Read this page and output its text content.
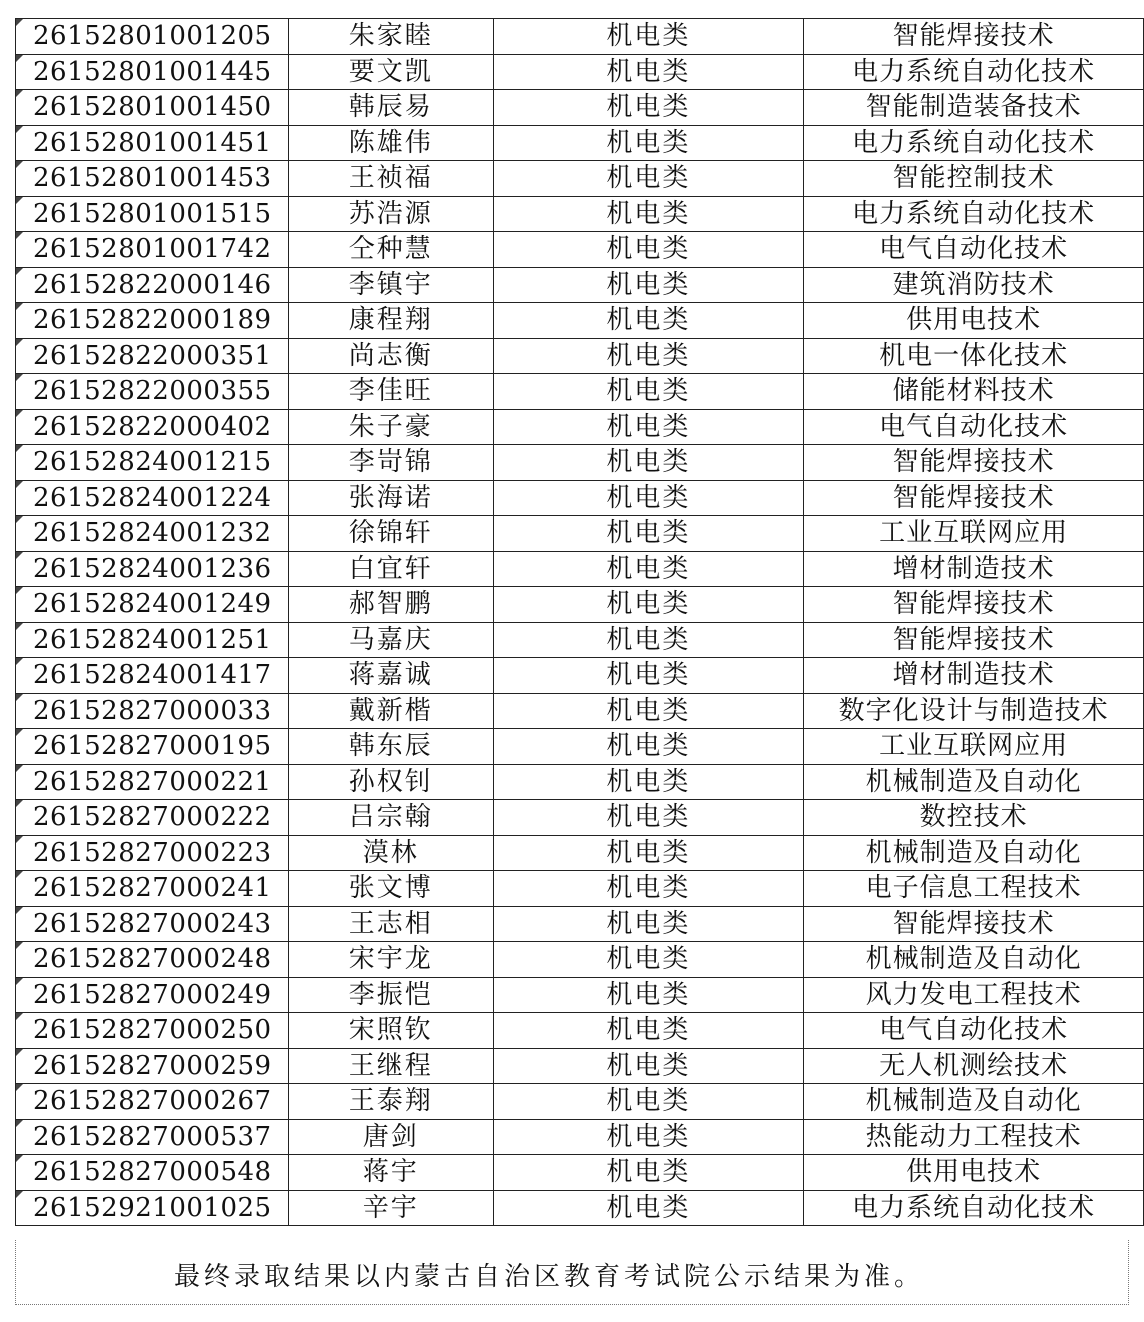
26152801001205	朱家睦	机电类	智能焊接技术
26152801001445	要文凯	机电类	电力系统自动化技术
26152801001450	韩辰易	机电类	智能制造装备技术
26152801001451	陈雄伟	机电类	电力系统自动化技术
26152801001453	王祯福	机电类	智能控制技术
26152801001515	苏浩源	机电类	电力系统自动化技术
26152801001742	仝种慧	机电类	电气自动化技术
26152822000146	李镇宇	机电类	建筑消防技术
26152822000189	康程翔	机电类	供用电技术
26152822000351	尚志衡	机电类	机电一体化技术
26152822000355	李佳旺	机电类	储能材料技术
26152822000402	朱子豪	机电类	电气自动化技术
26152824001215	李岢锦	机电类	智能焊接技术
26152824001224	张海诺	机电类	智能焊接技术
26152824001232	徐锦轩	机电类	工业互联网应用
26152824001236	白宜轩	机电类	增材制造技术
26152824001249	郝智鹏	机电类	智能焊接技术
26152824001251	马嘉庆	机电类	智能焊接技术
26152824001417	蒋嘉诚	机电类	增材制造技术
26152827000033	戴新楷	机电类	数字化设计与制造技术
26152827000195	韩东辰	机电类	工业互联网应用
26152827000221	孙权钊	机电类	机械制造及自动化
26152827000222	吕宗翰	机电类	数控技术
26152827000223	漠林	机电类	机械制造及自动化
26152827000241	张文博	机电类	电子信息工程技术
26152827000243	王志相	机电类	智能焊接技术
26152827000248	宋宇龙	机电类	机械制造及自动化
26152827000249	李振恺	机电类	风力发电工程技术
26152827000250	宋照钦	机电类	电气自动化技术
26152827000259	王继程	机电类	无人机测绘技术
26152827000267	王泰翔	机电类	机械制造及自动化
26152827000537	唐剑	机电类	热能动力工程技术
26152827000548	蒋宇	机电类	供用电技术
26152921001025	辛宇	机电类	电力系统自动化技术
最终录取结果以内蒙古自治区教育考试院公示结果为准。
